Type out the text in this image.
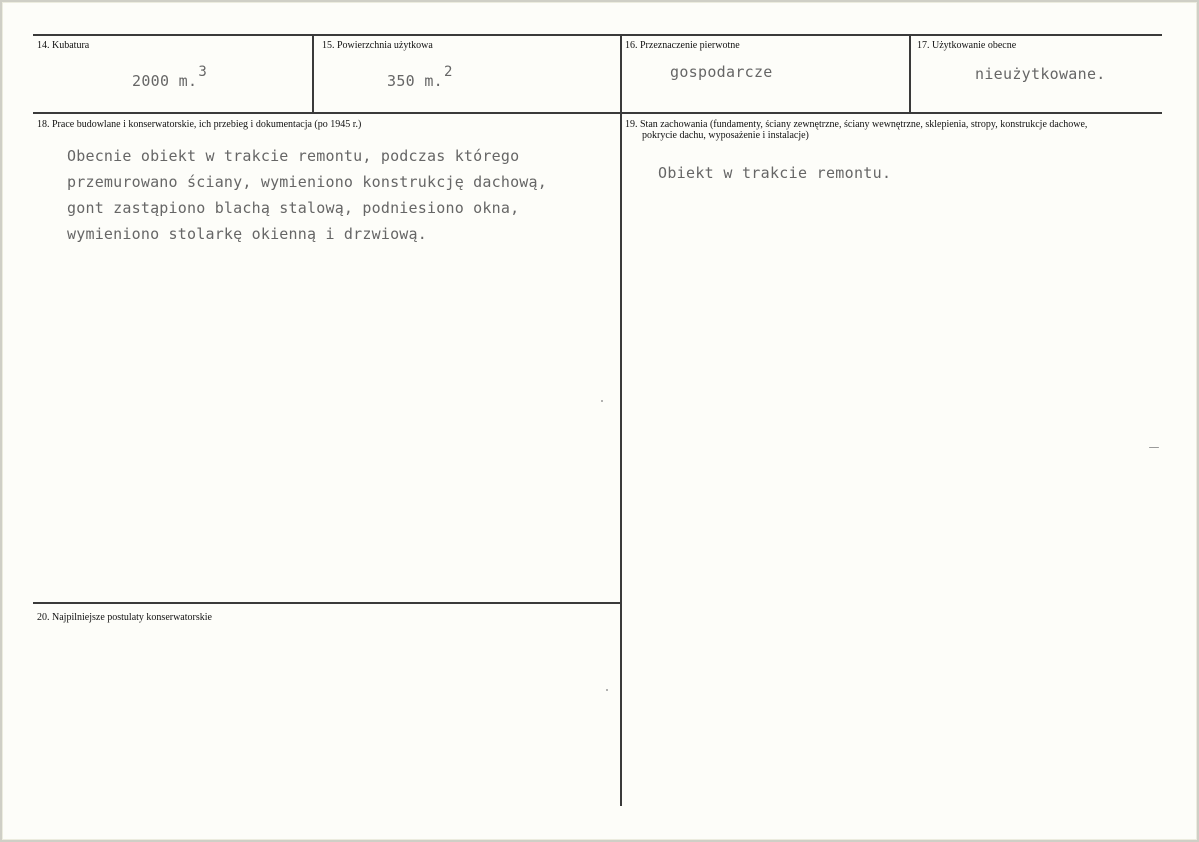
14. Kubatura
2000 m.3
15. Powierzchnia użytkowa
350 m.2
16. Przeznaczenie pierwotne
gospodarcze
17. Użytkowanie obecne
nieużytkowane.
18. Prace budowlane i konserwatorskie, ich przebieg i dokumentacja (po 1945 r.)
Obecnie obiekt w trakcie remontu, podczas którego
przemurowano ściany, wymieniono konstrukcję dachową,
gont zastąpiono blachą stalową, podniesiono okna,
wymieniono stolarkę okienną i drzwiową.
19. Stan zachowania (fundamenty, ściany zewnętrzne, ściany wewnętrzne, sklepienia, stropy, konstrukcje dachowe,
pokrycie dachu, wyposażenie i instalacje)
Obiekt w trakcie remontu.
20. Najpilniejsze postulaty konserwatorskie
